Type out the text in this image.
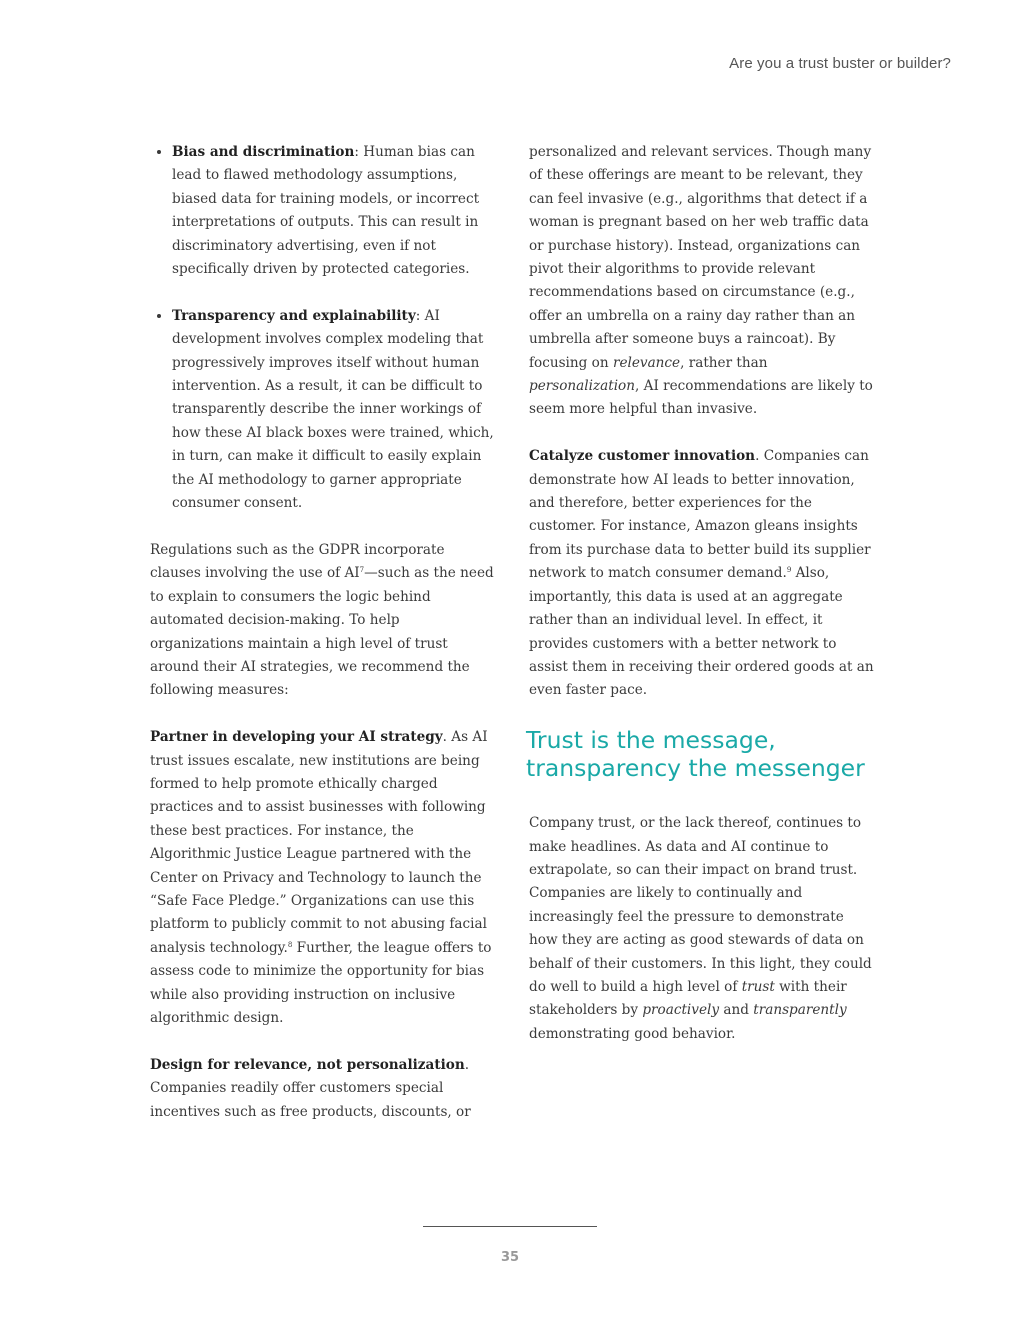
Are you a trust buster or builder?
• Bias and discrimination: Human bias can lead to flawed methodology assumptions, biased data for training models, or incorrect interpretations of outputs. This can result in discriminatory advertising, even if not specifically driven by protected categories.
• Transparency and explainability: AI development involves complex modeling that progressively improves itself without human intervention. As a result, it can be difficult to transparently describe the inner workings of how these AI black boxes were trained, which, in turn, can make it difficult to easily explain the AI methodology to garner appropriate consumer consent.

Regulations such as the GDPR incorporate clauses involving the use of $AI^7—such$ as the need to explain to consumers the logic behind automated decision-making. To help organizations maintain a high level of trust around their AI strategies, we recommend the following measures:

Partner in developing your AI strategy. As AI trust issues escalate, new institutions are being formed to help promote ethically charged practices and to assist businesses with following these best practices. For instance, the Algorithmic Justice League partnered with the Center on Privacy and Technology to launch the “Safe Face Pledge.” Organizations can use this platform to publicly commit to not abusing facial analysis technology.$^8$ Further, the league offers to assess code to minimize the opportunity for bias while also providing instruction on inclusive algorithmic design.

Design for relevance, not personalization. Companies readily offer customers special incentives such as free products, discounts, or

personalized and relevant services. Though many of these offerings are meant to be relevant, they can feel invasive (e.g., algorithms that detect if a woman is pregnant based on her web traffic data or purchase history). Instead, organizations can pivot their algorithms to provide relevant recommendations based on circumstance (e.g., offer an umbrella on a rainy day rather than an umbrella after someone buys a raincoat). By focusing on relevance, rather than personalization, AI recommendations are likely to seem more helpful than invasive.

Catalyze customer innovation. Companies can demonstrate how AI leads to better innovation, and therefore, better experiences for the customer. For instance, Amazon gleans insights from its purchase data to better build its supplier network to match consumer demand.$^9$ Also, importantly, this data is used at an aggregate rather than an individual level. In effect, it provides customers with a better network to assist them in receiving their ordered goods at an even faster pace.

Trust is the message,
transparency the messenger

Company trust, or the lack thereof, continues to make headlines. As data and AI continue to extrapolate, so can their impact on brand trust. Companies are likely to continually and increasingly feel the pressure to demonstrate how they are acting as good stewards of data on behalf of their customers. In this light, they could do well to build a high level of trust with their stakeholders by proactively and transparently demonstrating good behavior.

35
